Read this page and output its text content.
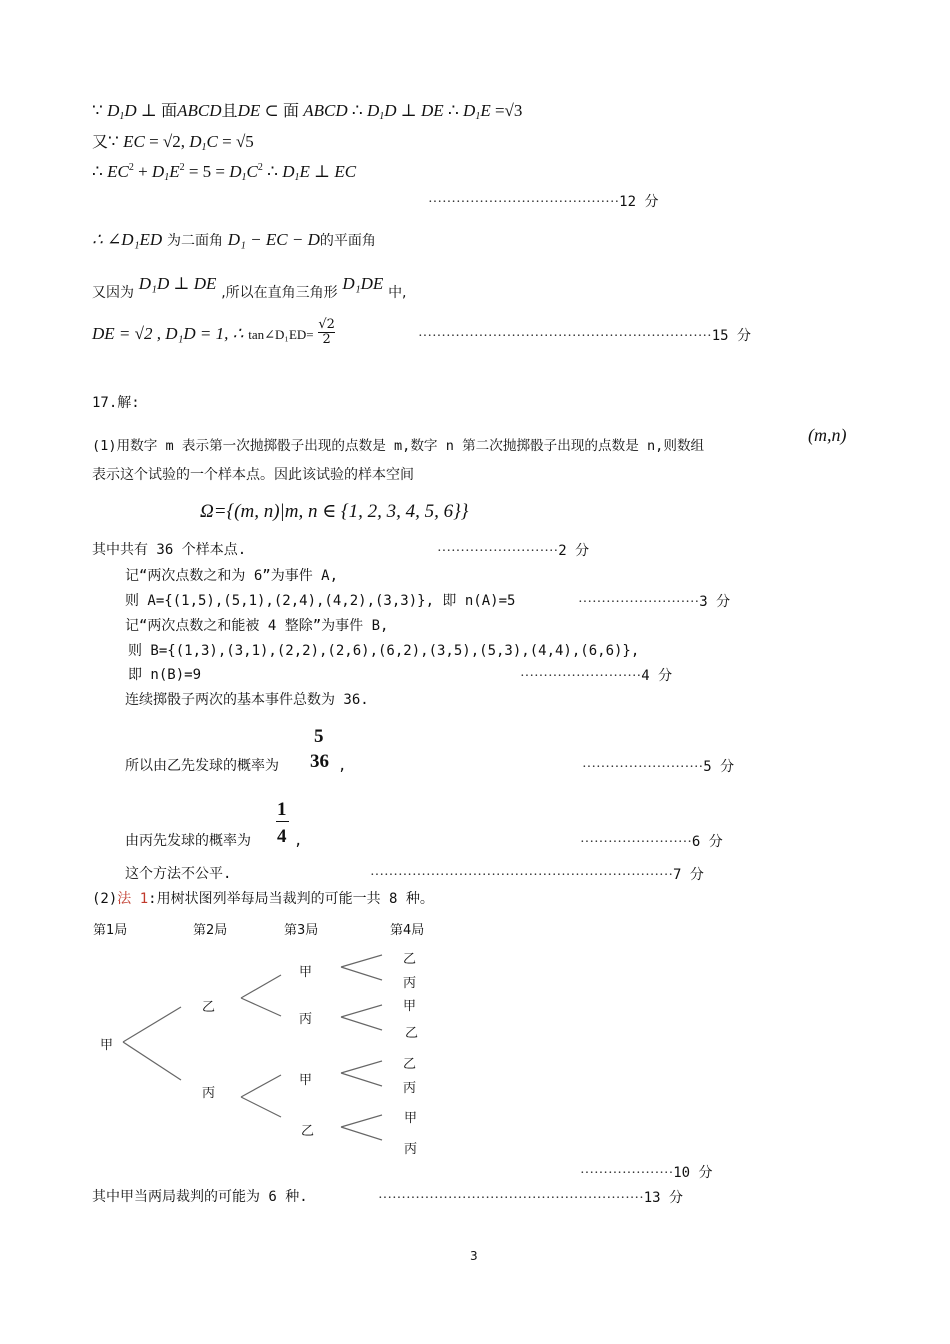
∵ $D_1D$ ⊥ 面ABCD且DE ⊂ 面 ABCD ∴ $D_1D$ ⊥ DE ∴ $D_1E =√3$
又∵ EC = √2, $D_1C = √5$
∴ $EC^2 + D_1E^2 = 5 = D_1C^2$ ∴ $D_1E$ ⊥ EC
·········································12 分
∴ ∠D₁ED 为二面角 D₁ − EC − D的平面角
又因为 D₁D ⊥ DE ,所以在直角三角形 D₁DE 中,
DE = √2 , D₁D = 1, ∴ tan∠D₁ED= $\frac{√2}{2}$	·······························································15 分
17.解:
(1)用数字 m 表示第一次抛掷骰子出现的点数是 m,数字 n 第二次抛掷骰子出现的点数是 n,则数组
(m,n)
表示这个试验的一个样本点。因此该试验的样本空间
Ω={(m, n)|m, n ∈ {1, 2, 3, 4, 5, 6}}
其中共有 36 个样本点.	··························2 分
记“两次点数之和为 6”为事件 A,
则 A={(1,5),(5,1),(2,4),(4,2),(3,3)}, 即 n(A)=5	··························3 分
记“两次点数之和能被 4 整除”为事件 B,
则 B={(1,3),(3,1),(2,2),(2,6),(6,2),(3,5),(5,3),(4,4),(6,6)},
即 n(B)=9	··························4 分
连续掷骰子两次的基本事件总数为 36.
所以由乙先发球的概率为
5
36 ,	··························5 分
由丙先发球的概率为
1
4 ,	························6 分
这个方法不公平.	·································································7 分
(2)法 1:用树状图列举每局当裁判的可能一共 8 种。
第1局	第2局	第3局	第4局
甲
乙
丙
甲
丙
甲
乙
乙
丙
甲
乙
乙
丙
甲
丙
····················10 分
其中甲当两局裁判的可能为 6 种.	·························································13 分
3
